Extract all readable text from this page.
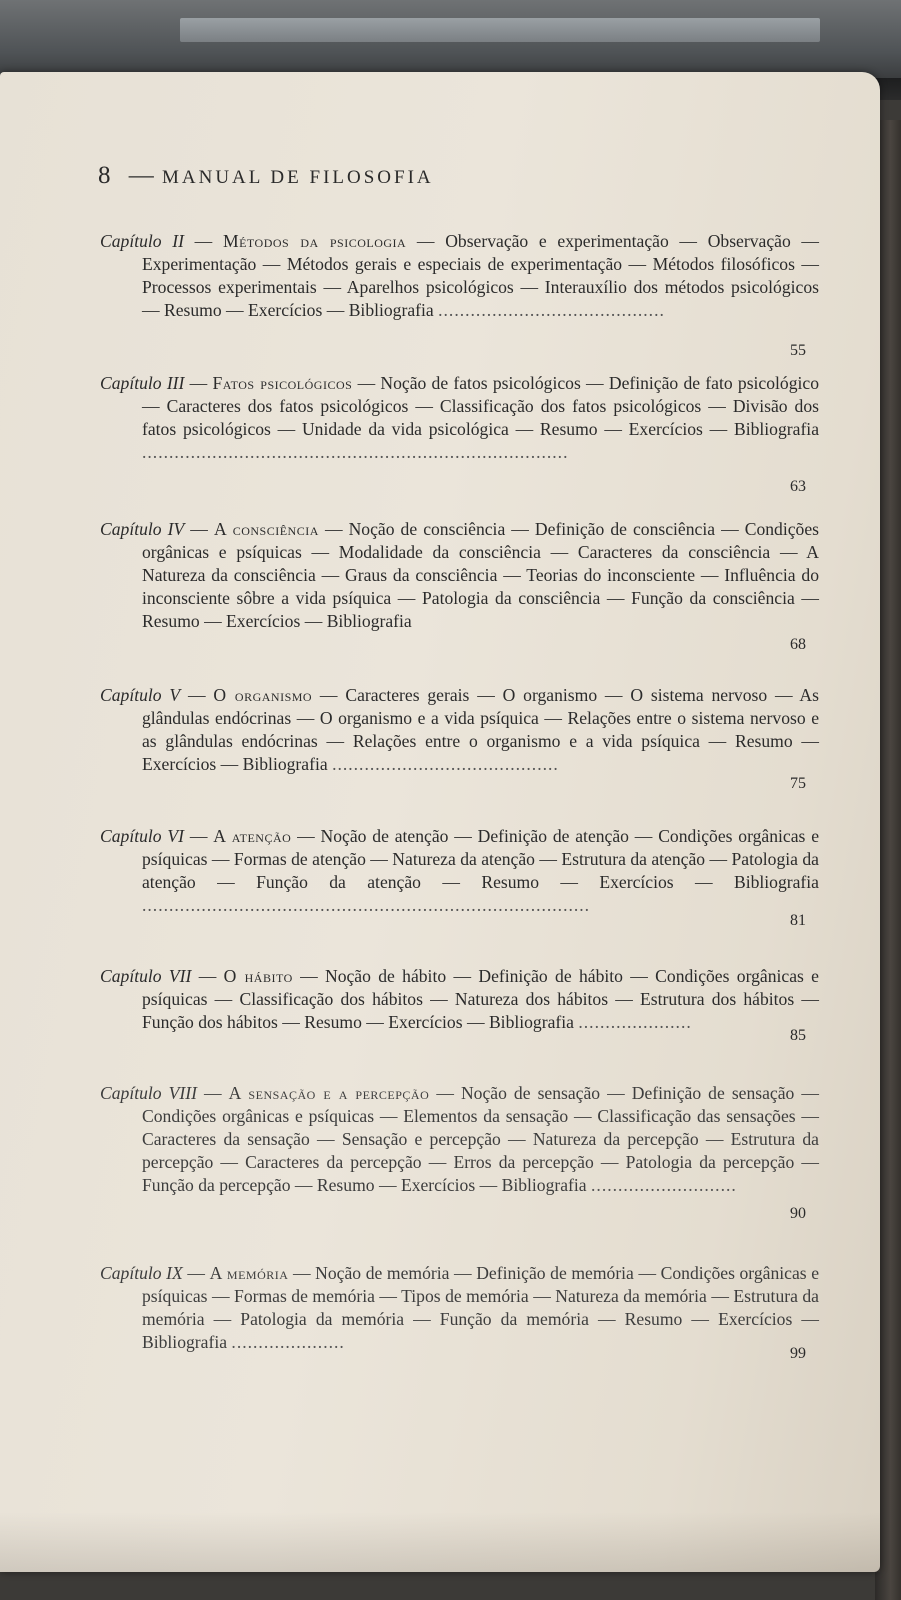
8 — MANUAL DE FILOSOFIA
Capítulo II — Métodos da psicologia — Observação e experimentação — Observação — Experimentação — Métodos gerais e especiais de experimentação — Métodos filosóficos — Processos experimentais — Aparelhos psicológicos — Interauxílio dos métodos psicológicos — Resumo — Exercícios — Bibliografia ..........................................
55
Capítulo III — Fatos psicológicos — Noção de fatos psicológicos — Definição de fato psicológico — Caracteres dos fatos psicológicos — Classificação dos fatos psicológicos — Divisão dos fatos psicológicos — Unidade da vida psicológica — Resumo — Exercícios — Bibliografia ...............................................................................
63
Capítulo IV — A consciência — Noção de consciência — Definição de consciência — Condições orgânicas e psíquicas — Modalidade da consciência — Caracteres da consciência — A Natureza da consciência — Graus da consciência — Teorias do inconsciente — Influência do inconsciente sôbre a vida psíquica — Patologia da consciência — Função da consciência — Resumo — Exercícios — Bibliografia
68
Capítulo V — O organismo — Caracteres gerais — O organismo — O sistema nervoso — As glândulas endócrinas — O organismo e a vida psíquica — Relações entre o sistema nervoso e as glândulas endócrinas — Relações entre o organismo e a vida psíquica — Resumo — Exercícios — Bibliografia ..........................................
75
Capítulo VI — A atenção — Noção de atenção — Definição de atenção — Condições orgânicas e psíquicas — Formas de atenção — Natureza da atenção — Estrutura da atenção — Patologia da atenção — Função da atenção — Resumo — Exercícios — Bibliografia ...................................................................................
81
Capítulo VII — O hábito — Noção de hábito — Definição de hábito — Condições orgânicas e psíquicas — Classificação dos hábitos — Natureza dos hábitos — Estrutura dos hábitos — Função dos hábitos — Resumo — Exercícios — Bibliografia .....................
85
Capítulo VIII — A sensação e a percepção — Noção de sensação — Definição de sensação — Condições orgânicas e psíquicas — Elementos da sensação — Classificação das sensações — Caracteres da sensação — Sensação e percepção — Natureza da percepção — Estrutura da percepção — Caracteres da percepção — Erros da percepção — Patologia da percepção — Função da percepção — Resumo — Exercícios — Bibliografia ...........................
90
Capítulo IX — A memória — Noção de memória — Definição de memória — Condições orgânicas e psíquicas — Formas de memória — Tipos de memória — Natureza da memória — Estrutura da memória — Patologia da memória — Função da memória — Resumo — Exercícios — Bibliografia .....................
99
